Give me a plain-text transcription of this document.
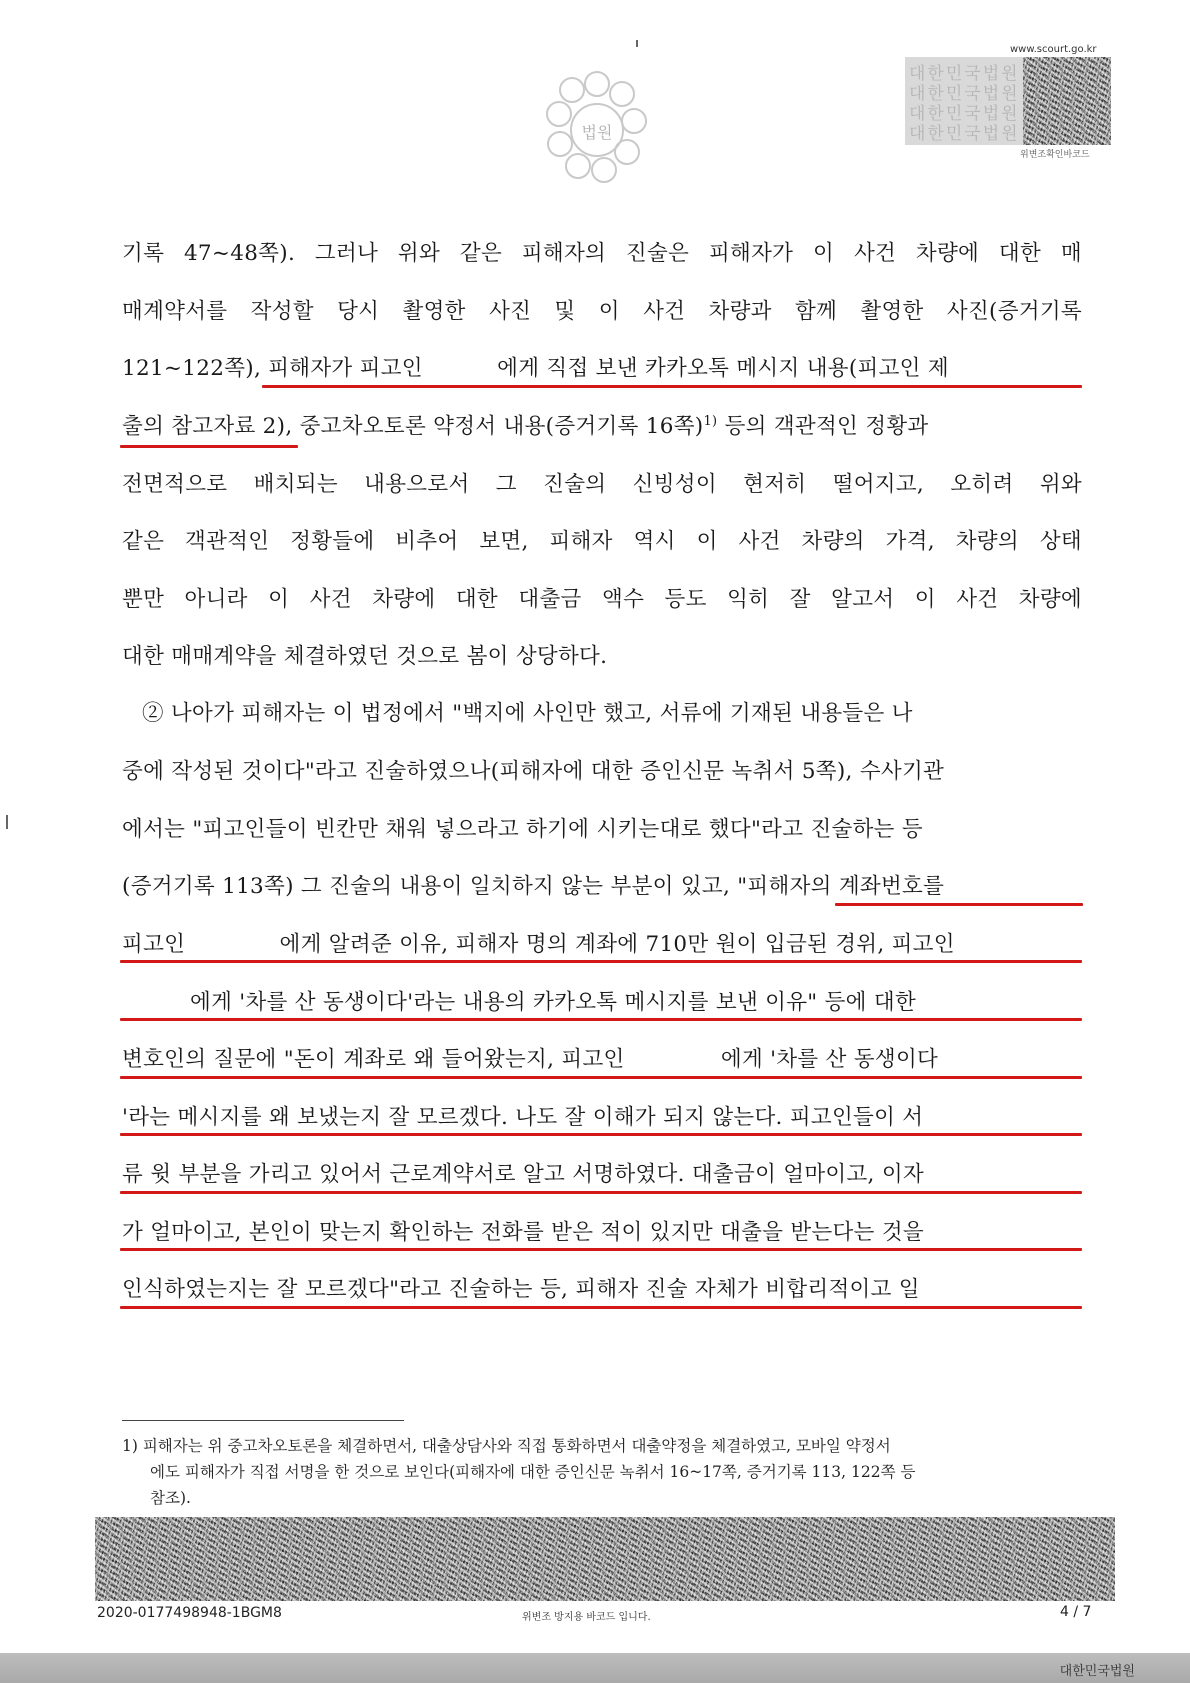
법원
www.scourt.go.kr
대한민국법원
대한민국법원
대한민국법원
대한민국법원
위변조확인바코드
기록 47~48쪽). 그러나 위와 같은 피해자의 진술은 피해자가 이 사건 차량에 대한 매
매계약서를 작성할 당시 촬영한 사진 및 이 사건 차량과 함께 촬영한 사진(증거기록
121~122쪽), 피해자가 피고인	에게 직접 보낸 카카오톡 메시지 내용(피고인 제
출의 참고자료 2), 중고차오토론 약정서 내용(증거기록 16쪽)$^{1)}$ 등의 객관적인 정황과
전면적으로 배치되는 내용으로서 그 진술의 신빙성이 현저히 떨어지고, 오히려 위와
같은 객관적인 정황들에 비추어 보면, 피해자 역시 이 사건 차량의 가격, 차량의 상태
뿐만 아니라 이 사건 차량에 대한 대출금 액수 등도 익히 잘 알고서 이 사건 차량에
대한 매매계약을 체결하였던 것으로 봄이 상당하다.
② 나아가 피해자는 이 법정에서 "백지에 사인만 했고, 서류에 기재된 내용들은 나
중에 작성된 것이다"라고 진술하였으나(피해자에 대한 증인신문 녹취서 5쪽), 수사기관
에서는 "피고인들이 빈칸만 채워 넣으라고 하기에 시키는대로 했다"라고 진술하는 등
(증거기록 113쪽) 그 진술의 내용이 일치하지 않는 부분이 있고, "피해자의 계좌번호를
피고인	에게 알려준 이유, 피해자 명의 계좌에 710만 원이 입금된 경위, 피고인
에게 '차를 산 동생이다'라는 내용의 카카오톡 메시지를 보낸 이유" 등에 대한
변호인의 질문에 "돈이 계좌로 왜 들어왔는지, 피고인	에게 '차를 산 동생이다
'라는 메시지를 왜 보냈는지 잘 모르겠다. 나도 잘 이해가 되지 않는다. 피고인들이 서
류 윗 부분을 가리고 있어서 근로계약서로 알고 서명하였다. 대출금이 얼마이고, 이자
가 얼마이고, 본인이 맞는지 확인하는 전화를 받은 적이 있지만 대출을 받는다는 것을
인식하였는지는 잘 모르겠다"라고 진술하는 등, 피해자 진술 자체가 비합리적이고 일
1) 피해자는 위 중고차오토론을 체결하면서, 대출상담사와 직접 통화하면서 대출약정을 체결하였고, 모바일 약정서
에도 피해자가 직접 서명을 한 것으로 보인다(피해자에 대한 증인신문 녹취서 16~17쪽, 증거기록 113, 122쪽 등
참조).
2020-0177498948-1BGM8	위변조 방지용 바코드 입니다.	4 / 7
대한민국법원
